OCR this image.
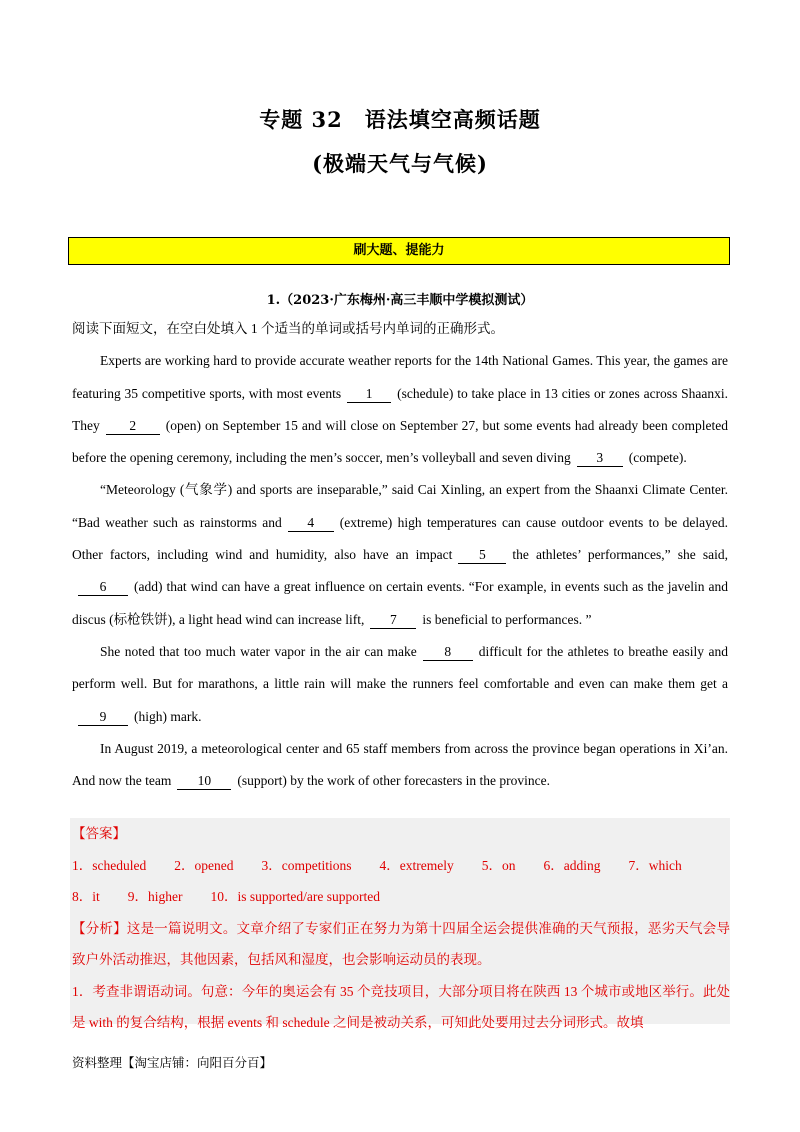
专题 32　语法填空高频话题
(极端天气与气候)
刷大题、提能力
1.（2023·广东梅州·高三丰顺中学模拟测试）

阅读下面短文，在空白处填入 1 个适当的单词或括号内单词的正确形式。

Experts are working hard to provide accurate weather reports for the 14th National Games. This year, the games are featuring 35 competitive sports, with most events 1 (schedule) to take place in 13 cities or zones across Shaanxi. They 2 (open) on September 15 and will close on September 27, but some events had already been completed before the opening ceremony, including the men’s soccer, men’s volleyball and seven diving 3 (compete).

“Meteorology (气象学) and sports are inseparable,” said Cai Xinling, an expert from the Shaanxi Climate Center. “Bad weather such as rainstorms and 4 (extreme) high temperatures can cause outdoor events to be delayed. Other factors, including wind and humidity, also have an impact 5 the athletes’ performances,” she said,6 (add) that wind can have a great influence on certain events. “For example, in events such as the javelin and discus (标枪铁饼), a light head wind can increase lift, 7 is beneficial to performances. ”

She noted that too much water vapor in the air can make 8 difficult for the athletes to breathe easily and perform well. But for marathons, a little rain will make the runners feel comfortable and even can make them get a9 (high) mark.

In August 2019, a meteorological center and 65 staff members from across the province began operations in Xi’an. And now the team 10 (support) by the work of other forecasters in the province.

【答案】
1．scheduled 2．opened 3．competitions 4．extremely 5．on 6．adding 7．which
8．it 9．higher 10．is supported/are supported

【分析】这是一篇说明文。文章介绍了专家们正在努力为第十四届全运会提供准确的天气预报，恶劣天气会导致户外活动推迟，其他因素，包括风和湿度，也会影响运动员的表现。

1．考查非谓语动词。句意：今年的奥运会有 35 个竞技项目，大部分项目将在陕西 13 个城市或地区举行。此处是 with 的复合结构，根据 events 和 schedule 之间是被动关系，可知此处要用过去分词形式。故填

资料整理【淘宝店铺：向阳百分百】
